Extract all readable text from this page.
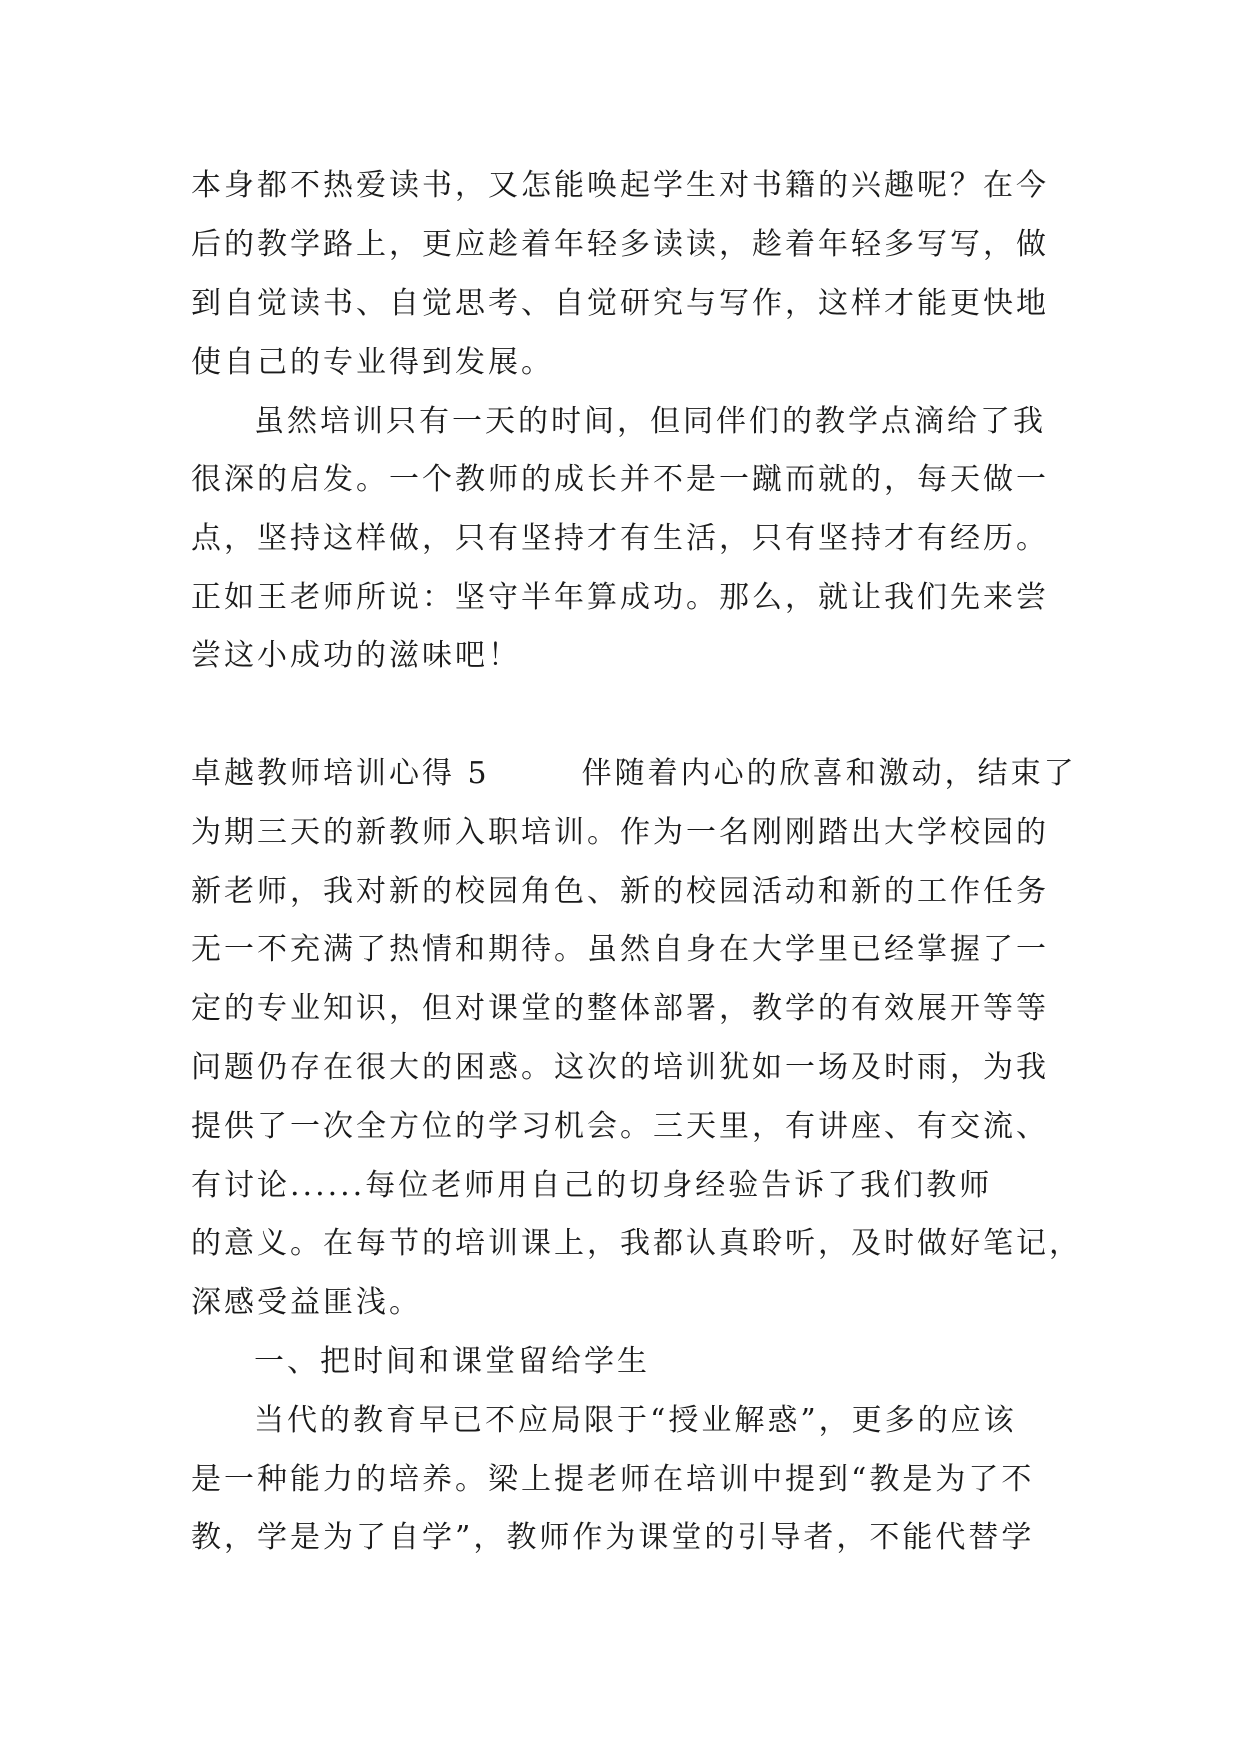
本身都不热爱读书，又怎能唤起学生对书籍的兴趣呢？在今
后的教学路上，更应趁着年轻多读读，趁着年轻多写写，做
到自觉读书、自觉思考、自觉研究与写作，这样才能更快地
使自己的专业得到发展。
虽然培训只有一天的时间，但同伴们的教学点滴给了我
很深的启发。一个教师的成长并不是一蹴而就的，每天做一
点，坚持这样做，只有坚持才有生活，只有坚持才有经历。
正如王老师所说：坚守半年算成功。那么，就让我们先来尝
尝这小成功的滋味吧！
卓越教师培训心得 5	伴随着内心的欣喜和激动，结束了
为期三天的新教师入职培训。作为一名刚刚踏出大学校园的
新老师，我对新的校园角色、新的校园活动和新的工作任务
无一不充满了热情和期待。虽然自身在大学里已经掌握了一
定的专业知识，但对课堂的整体部署，教学的有效展开等等
问题仍存在很大的困惑。这次的培训犹如一场及时雨，为我
提供了一次全方位的学习机会。三天里，有讲座、有交流、
有讨论......每位老师用自己的切身经验告诉了我们教师
的意义。在每节的培训课上，我都认真聆听，及时做好笔记，
深感受益匪浅。
一、把时间和课堂留给学生
当代的教育早已不应局限于“授业解惑”，更多的应该
是一种能力的培养。梁上提老师在培训中提到“教是为了不
教，学是为了自学”，教师作为课堂的引导者，不能代替学
